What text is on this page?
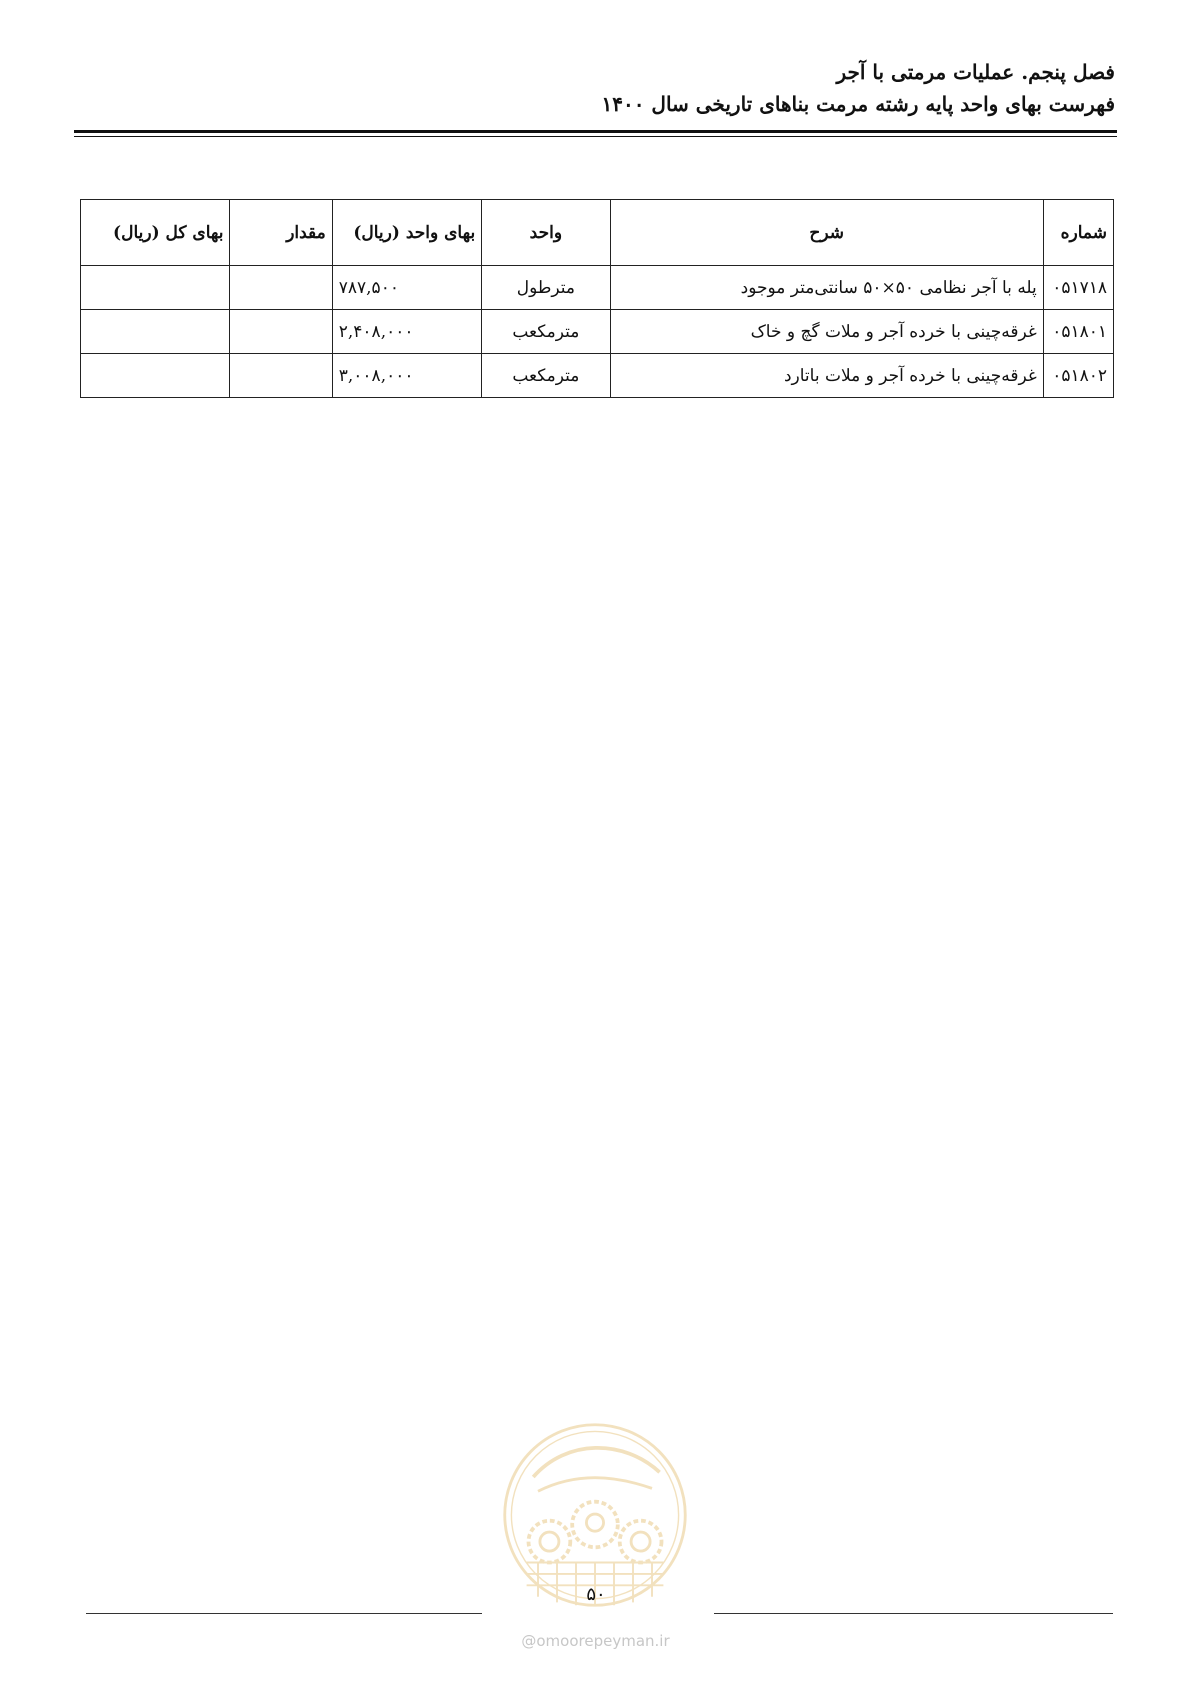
فصل پنجم. عملیات مرمتی با آجر

فهرست بهای واحد پایه رشته مرمت بناهای تاریخی سال ۱۴۰۰

شماره	شرح	واحد	بهای واحد (ریال)	مقدار	بهای کل (ریال)
۰۵۱۷۱۸	پله با آجر نظامی ۵۰×۵۰ سانتی‌متر موجود	مترطول	۷۸۷,۵۰۰		
۰۵۱۸۰۱	غرقه‌چینی با خرده آجر و ملات گچ و خاک	مترمکعب	۲,۴۰۸,۰۰۰		
۰۵۱۸۰۲	غرقه‌چینی با خرده آجر و ملات باتارد	مترمکعب	۳,۰۰۸,۰۰۰		
۵۰
@omoorepeyman.ir
